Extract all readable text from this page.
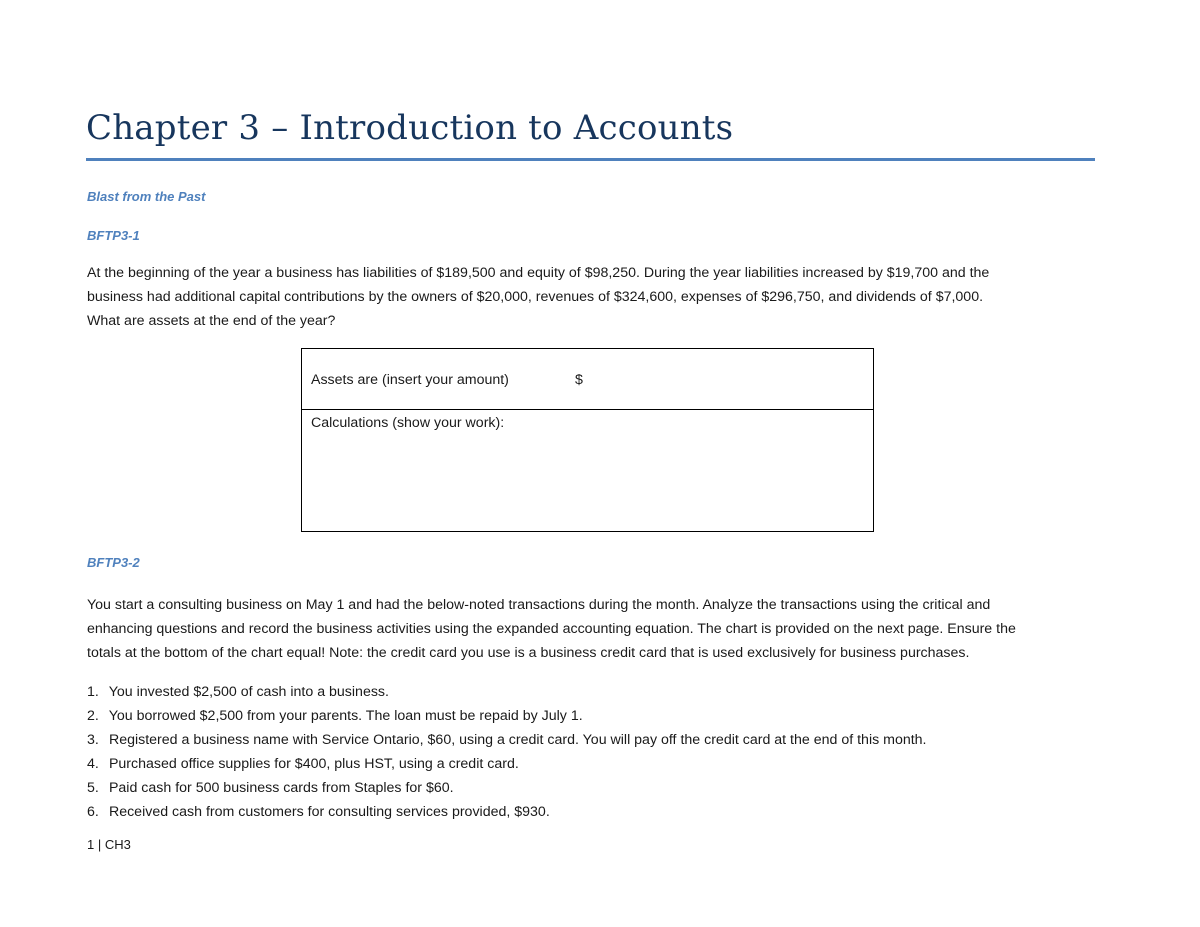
Chapter 3 – Introduction to Accounts
Blast from the Past
BFTP3-1
At the beginning of the year a business has liabilities of $189,500 and equity of $98,250. During the year liabilities increased by $19,700 and the
business had additional capital contributions by the owners of $20,000, revenues of $324,600, expenses of $296,750, and dividends of $7,000.
What are assets at the end of the year?
Assets are (insert your amount)	$
Calculations (show your work):
BFTP3-2
You start a consulting business on May 1 and had the below-noted transactions during the month. Analyze the transactions using the critical and
enhancing questions and record the business activities using the expanded accounting equation. The chart is provided on the next page. Ensure the
totals at the bottom of the chart equal! Note: the credit card you use is a business credit card that is used exclusively for business purchases.
1. You invested $2,500 of cash into a business.
2. You borrowed $2,500 from your parents. The loan must be repaid by July 1.
3. Registered a business name with Service Ontario, $60, using a credit card. You will pay off the credit card at the end of this month.
4. Purchased office supplies for $400, plus HST, using a credit card.
5. Paid cash for 500 business cards from Staples for $60.
6. Received cash from customers for consulting services provided, $930.
1 | CH3
